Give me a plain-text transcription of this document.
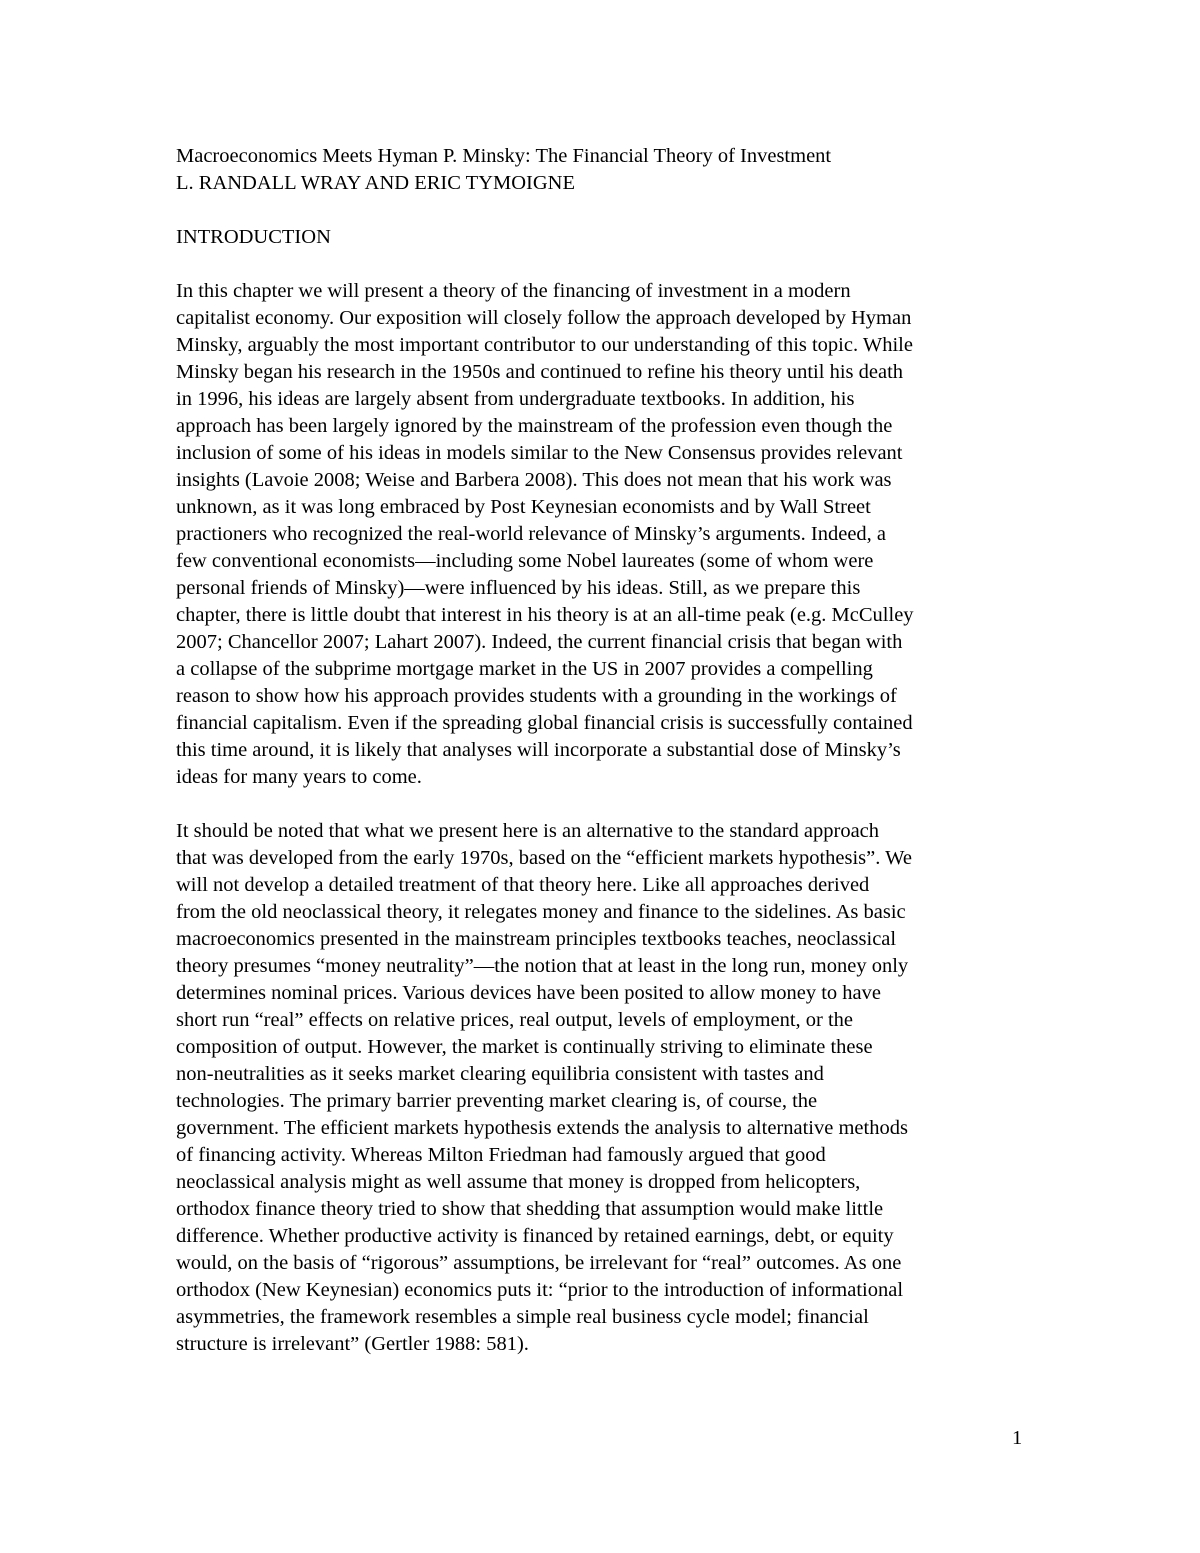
Macroeconomics Meets Hyman P. Minsky: The Financial Theory of Investment
L. RANDALL WRAY AND ERIC TYMOIGNE
INTRODUCTION
In this chapter we will present a theory of the financing of investment in a modern
capitalist economy. Our exposition will closely follow the approach developed by Hyman
Minsky, arguably the most important contributor to our understanding of this topic. While
Minsky began his research in the 1950s and continued to refine his theory until his death
in 1996, his ideas are largely absent from undergraduate textbooks. In addition, his
approach has been largely ignored by the mainstream of the profession even though the
inclusion of some of his ideas in models similar to the New Consensus provides relevant
insights (Lavoie 2008; Weise and Barbera 2008). This does not mean that his work was
unknown, as it was long embraced by Post Keynesian economists and by Wall Street
practioners who recognized the real-world relevance of Minsky’s arguments. Indeed, a
few conventional economists—including some Nobel laureates (some of whom were
personal friends of Minsky)—were influenced by his ideas. Still, as we prepare this
chapter, there is little doubt that interest in his theory is at an all-time peak (e.g. McCulley
2007; Chancellor 2007; Lahart 2007). Indeed, the current financial crisis that began with
a collapse of the subprime mortgage market in the US in 2007 provides a compelling
reason to show how his approach provides students with a grounding in the workings of
financial capitalism. Even if the spreading global financial crisis is successfully contained
this time around, it is likely that analyses will incorporate a substantial dose of Minsky’s
ideas for many years to come.
It should be noted that what we present here is an alternative to the standard approach
that was developed from the early 1970s, based on the “efficient markets hypothesis”. We
will not develop a detailed treatment of that theory here. Like all approaches derived
from the old neoclassical theory, it relegates money and finance to the sidelines. As basic
macroeconomics presented in the mainstream principles textbooks teaches, neoclassical
theory presumes “money neutrality”—the notion that at least in the long run, money only
determines nominal prices. Various devices have been posited to allow money to have
short run “real” effects on relative prices, real output, levels of employment, or the
composition of output. However, the market is continually striving to eliminate these
non-neutralities as it seeks market clearing equilibria consistent with tastes and
technologies. The primary barrier preventing market clearing is, of course, the
government. The efficient markets hypothesis extends the analysis to alternative methods
of financing activity. Whereas Milton Friedman had famously argued that good
neoclassical analysis might as well assume that money is dropped from helicopters,
orthodox finance theory tried to show that shedding that assumption would make little
difference. Whether productive activity is financed by retained earnings, debt, or equity
would, on the basis of “rigorous” assumptions, be irrelevant for “real” outcomes. As one
orthodox (New Keynesian) economics puts it: “prior to the introduction of informational
asymmetries, the framework resembles a simple real business cycle model; financial
structure is irrelevant” (Gertler 1988: 581).
1
